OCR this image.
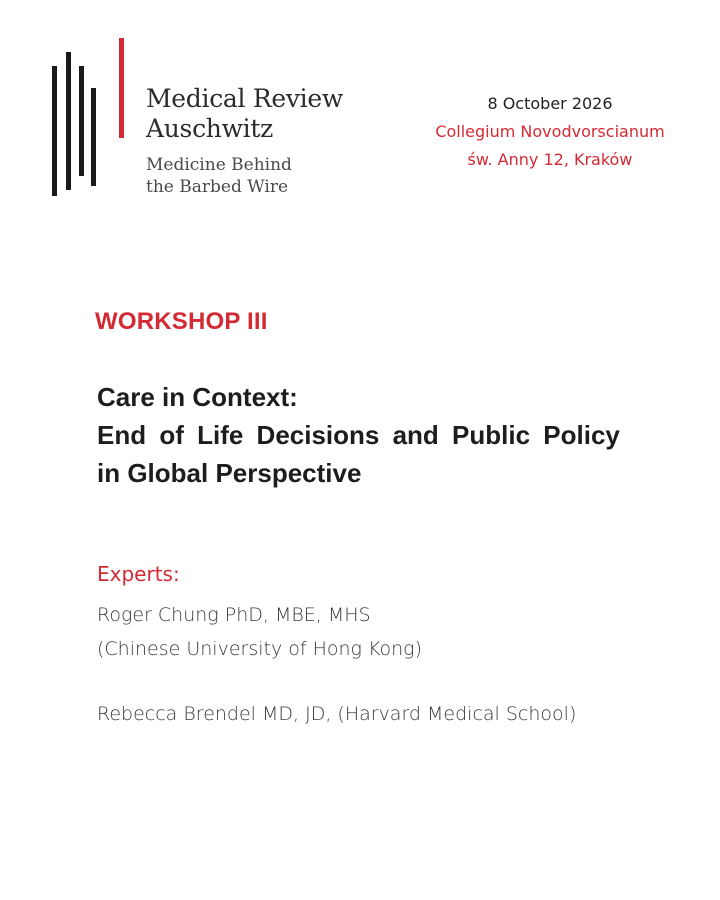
Medical Review
Auschwitz
Medicine Behind
the Barbed Wire
8 October 2026
Collegium Novodvorscianum
św. Anny 12, Kraków
WORKSHOP III
Care in Context:
End of Life Decisions and Public Policy
in Global Perspective
Experts:
Roger Chung PhD, MBE, MHS
(Chinese University of Hong Kong)
Rebecca Brendel MD, JD, (Harvard Medical School)
